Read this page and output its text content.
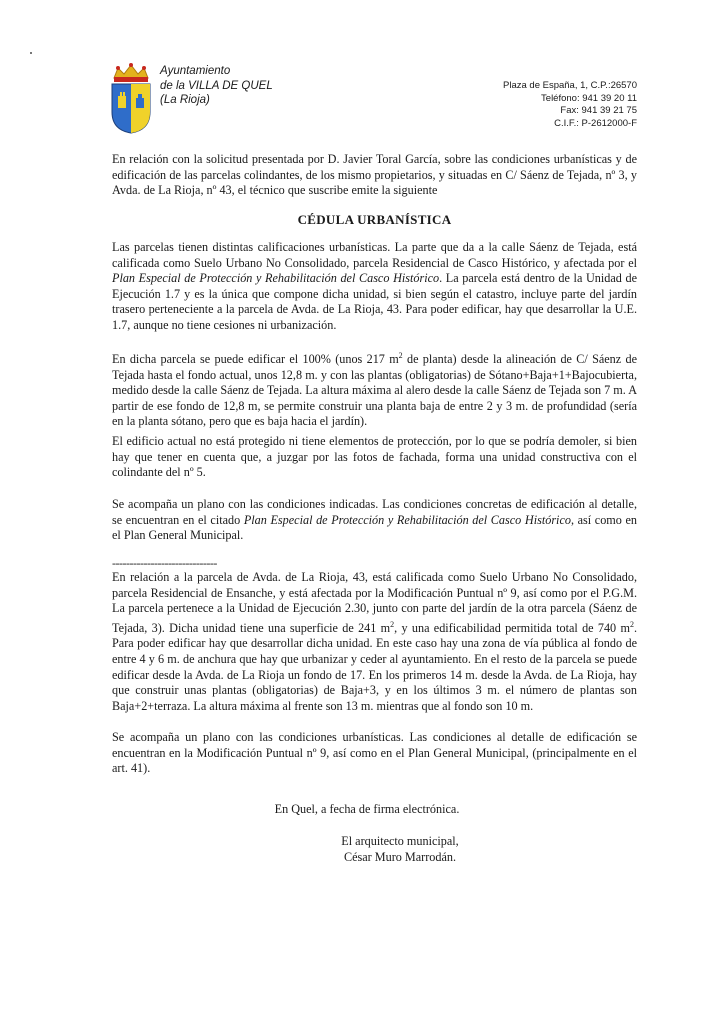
Ayuntamiento
de la VILLA DE QUEL
(La Rioja)
Plaza de España, 1, C.P.:26570
Teléfono: 941 39 20 11
Fax: 941 39 21 75
C.I.F.: P-2612000-F

En relación con la solicitud presentada por D. Javier Toral García, sobre las condiciones urbanísticas y de edificación de las parcelas colindantes, de los mismo propietarios, y situadas en C/ Sáenz de Tejada, nº 3, y Avda. de La Rioja, nº 43, el técnico que suscribe emite la siguiente

CÉDULA URBANÍSTICA

Las parcelas tienen distintas calificaciones urbanísticas. La parte que da a la calle Sáenz de Tejada, está calificada como Suelo Urbano No Consolidado, parcela Residencial de Casco Histórico, y afectada por el Plan Especial de Protección y Rehabilitación del Casco Histórico. La parcela está dentro de la Unidad de Ejecución 1.7 y es la única que compone dicha unidad, si bien según el catastro, incluye parte del jardín trasero perteneciente a la parcela de Avda. de La Rioja, 43. Para poder edificar, hay que desarrollar la U.E. 1.7, aunque no tiene cesiones ni urbanización.

En dicha parcela se puede edificar el 100% (unos 217 $m^2$ de planta) desde la alineación de C/ Sáenz de Tejada hasta el fondo actual, unos 12,8 m. y con las plantas (obligatorias) de Sótano+Baja+1+Bajocubierta, medido desde la calle Sáenz de Tejada. La altura máxima al alero desde la calle Sáenz de Tejada son 7 m. A partir de ese fondo de 12,8 m, se permite construir una planta baja de entre 2 y 3 m. de profundidad (sería en la planta sótano, pero que es baja hacia el jardín).

El edificio actual no está protegido ni tiene elementos de protección, por lo que se podría demoler, si bien hay que tener en cuenta que, a juzgar por las fotos de fachada, forma una unidad constructiva con el colindante del nº 5.

Se acompaña un plano con las condiciones indicadas. Las condiciones concretas de edificación al detalle, se encuentran en el citado Plan Especial de Protección y Rehabilitación del Casco Histórico, así como en el Plan General Municipal.

------------------------------

En relación a la parcela de Avda. de La Rioja, 43, está calificada como Suelo Urbano No Consolidado, parcela Residencial de Ensanche, y está afectada por la Modificación Puntual nº 9, así como por el P.G.M. La parcela pertenece a la Unidad de Ejecución 2.30, junto con parte del jardín de la otra parcela (Sáenz de Tejada, 3). Dicha unidad tiene una superficie de 241 $m^2$, y una edificabilidad permitida total de 740 $m^2$. Para poder edificar hay que desarrollar dicha unidad. En este caso hay una zona de vía pública al fondo de entre 4 y 6 m. de anchura que hay que urbanizar y ceder al ayuntamiento. En el resto de la parcela se puede edificar desde la Avda. de La Rioja un fondo de 17. En los primeros 14 m. desde la Avda. de La Rioja, hay que construir unas plantas (obligatorias) de Baja+3, y en los últimos 3 m. el número de plantas son Baja+2+terraza. La altura máxima al frente son 13 m. mientras que al fondo son 10 m.

Se acompaña un plano con las condiciones urbanísticas. Las condiciones al detalle de edificación se encuentran en la Modificación Puntual nº 9, así como en el Plan General Municipal, (principalmente en el art. 41).

En Quel, a fecha de firma electrónica.
El arquitecto municipal,
César Muro Marrodán.
